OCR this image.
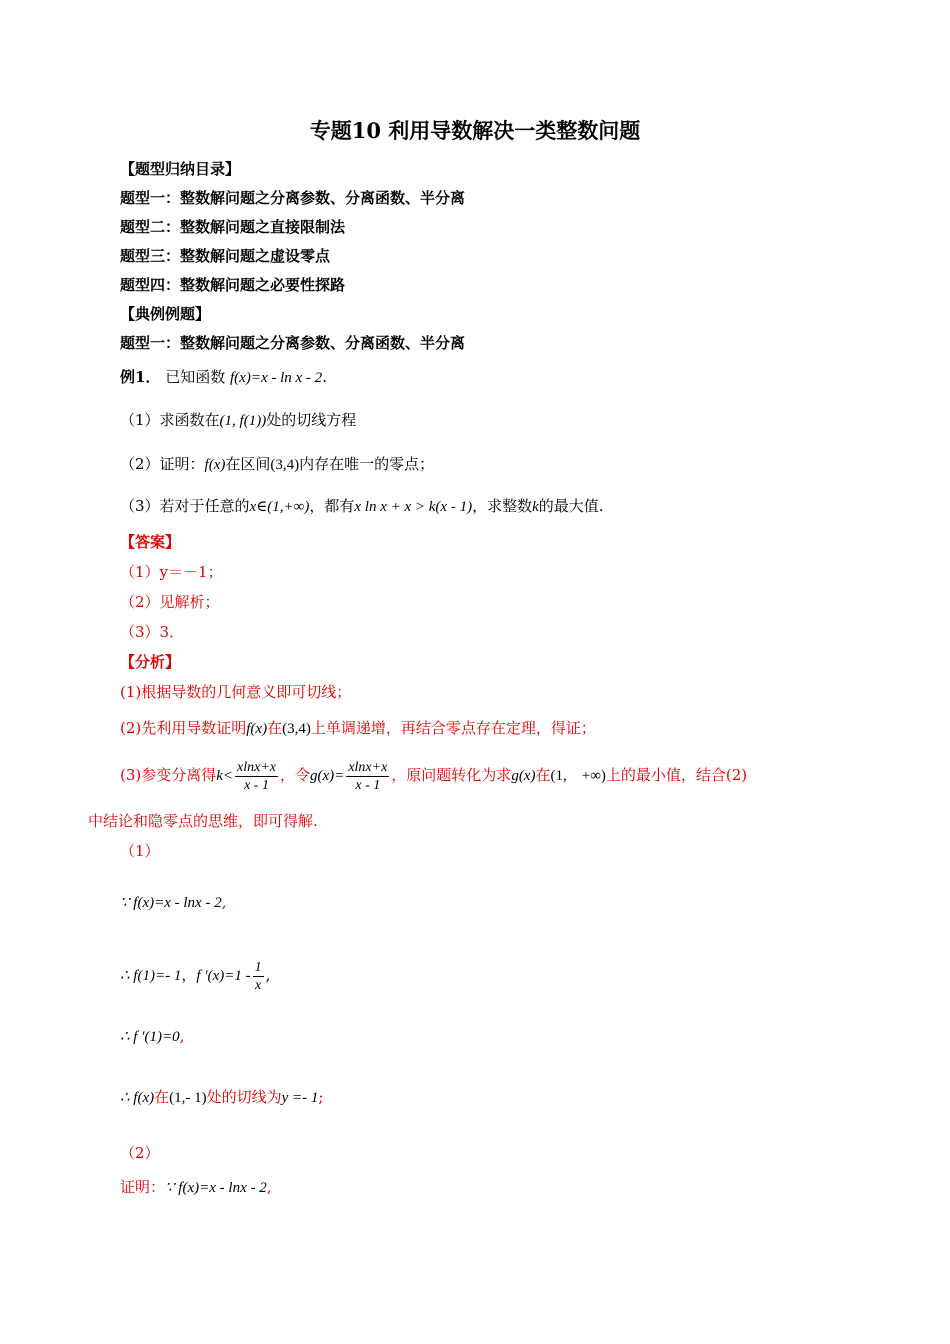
专题10 利用导数解决一类整数问题
【题型归纳目录】
题型一：整数解问题之分离参数、分离函数、半分离
题型二：整数解问题之直接限制法
题型三：整数解问题之虚设零点
题型四：整数解问题之必要性探路
【典例例题】
题型一：整数解问题之分离参数、分离函数、半分离
例1． 已知函数 f(x)=x - ln x - 2.
（1）求函数在(1, f(1))处的切线方程
（2）证明：f(x)在区间(3,4)内存在唯一的零点；
（3）若对于任意的x∈(1,+∞)，都有x ln x + x > k(x - 1)，求整数k的最大值.
【答案】
（1）y＝－1；
（2）见解析；
（3）3．
【分析】
(1)根据导数的几何意义即可切线；
(2)先利用导数证明f(x)在(3,4)上单调递增，再结合零点存在定理，得证；
(3)参变分离得$k< \frac{xlnx+x}{x - 1}$ ，令$g(x)= \frac{xlnx+x}{x - 1}$ ，原问题转化为求g(x)在(1,　+∞)上的最小值，结合(2)
中结论和隐零点的思维，即可得解.
（1）
∵ f(x)=x - lnx - 2,
∴ f(1)=- 1，f $'(x)=1 - \frac{1}{x}$ ,
∴ f ′(1)=0,
∴ f(x)在(1,- 1)处的切线为y =- 1;
（2）
证明：∵ f(x)=x - lnx - 2,
